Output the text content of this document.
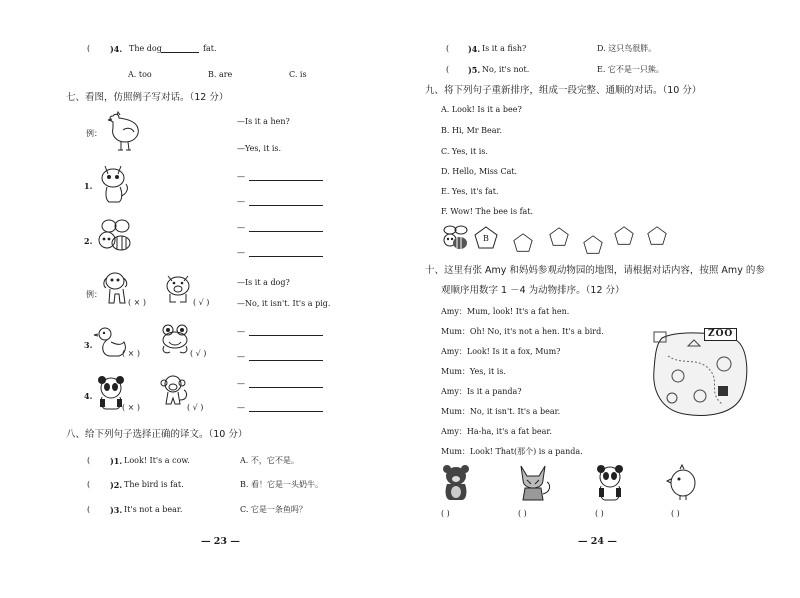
( )4. The dog	fat.
A. too	B. are	C. is
七、看图，仿照例子写对话。（12 分）
例：
—Is it a hen?
—Yes, it is.
1.
—
—
2.
—
—
例：
( × )	( √ )
—Is it a dog?
—No, it isn't. It's a pig.
3.
( × )	( √ )
—
—
4.
( × )	( √ )
—
—
八、给下列句子选择正确的译文。（10 分）
( )1. Look! It's a cow.	A. 不，它不是。
( )2. The bird is fat.	B. 看！它是一头奶牛。
( )3. It's not a bear.	C. 它是一条鱼吗？
— 23 —
( )4. Is it a fish?	D. 这只鸟很胖。
( )5. No, it's not.	E. 它不是一只熊。
九、将下列句子重新排序，组成一段完整、通顺的对话。（10 分）
A. Look! Is it a bee?
B. Hi, Mr Bear.
C. Yes, it is.
D. Hello, Miss Cat.
E. Yes, it's fat.
F. Wow! The bee is fat.
B
十、这里有张 Amy 和妈妈参观动物园的地图，请根据对话内容，按照 Amy 的参
观顺序用数字 1 －4 为动物排序。（12 分）
Amy：Mum, look! It's a fat hen.
Mum：Oh! No, it's not a hen. It's a bird.
Amy：Look! Is it a fox, Mum?
Mum：Yes, it is.
Amy：Is it a panda?
Mum：No, it isn't. It's a bear.
Amy：Ha-ha, it's a fat bear.
Mum：Look! That(那个) is a panda.
ZOO
( )	( )	( )	( )
— 24 —
